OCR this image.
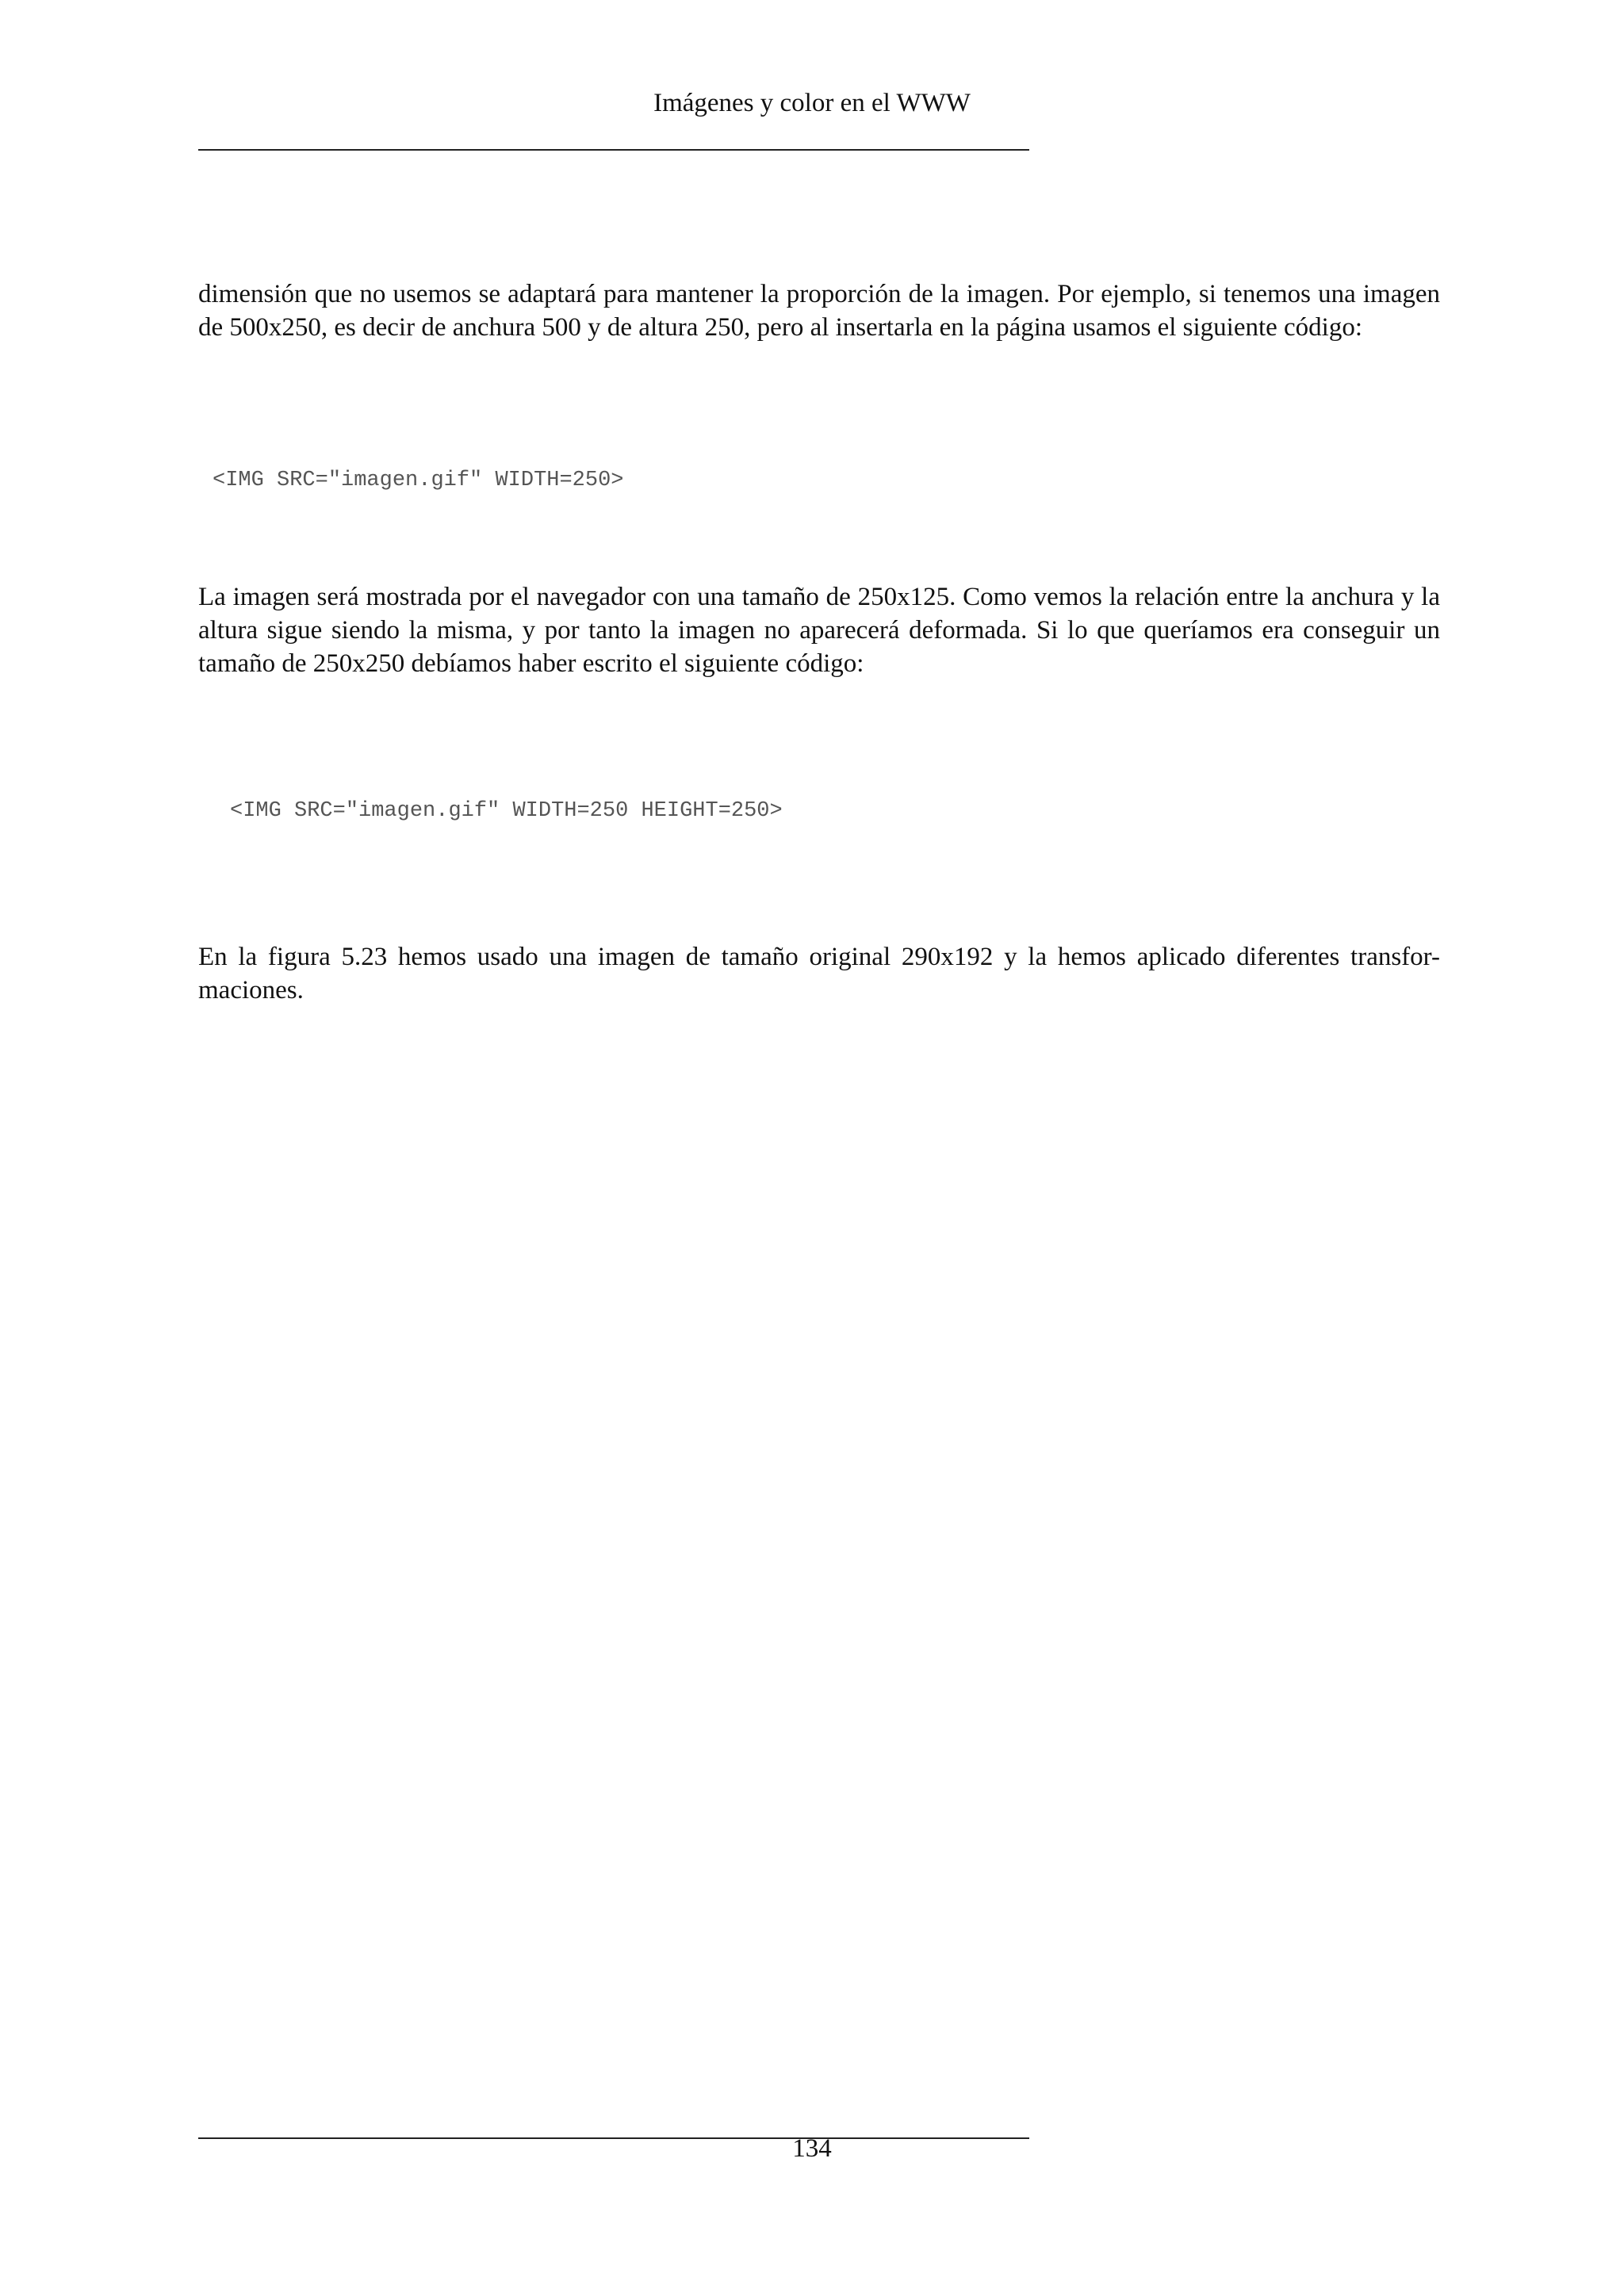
Imágenes y color en el WWW

dimensión que no usemos se adaptará para mantener la proporción de la imagen. Por ejemplo, si tenemos una imagen de 500x250, es decir de anchura 500 y de altura 250, pero al insertarla en la página usamos el siguiente código:

<IMG SRC="imagen.gif" WIDTH=250>

La imagen será mostrada por el navegador con una tamaño de 250x125. Como vemos la relación entre la anchura y la altura sigue siendo la misma, y por tanto la imagen no aparecerá deformada. Si lo que queríamos era conseguir un tamaño de 250x250 debíamos haber escrito el siguiente código:

<IMG SRC="imagen.gif" WIDTH=250 HEIGHT=250>

En la figura 5.23 hemos usado una imagen de tamaño original 290x192 y la hemos aplicado diferentes transfor-maciones.

134
